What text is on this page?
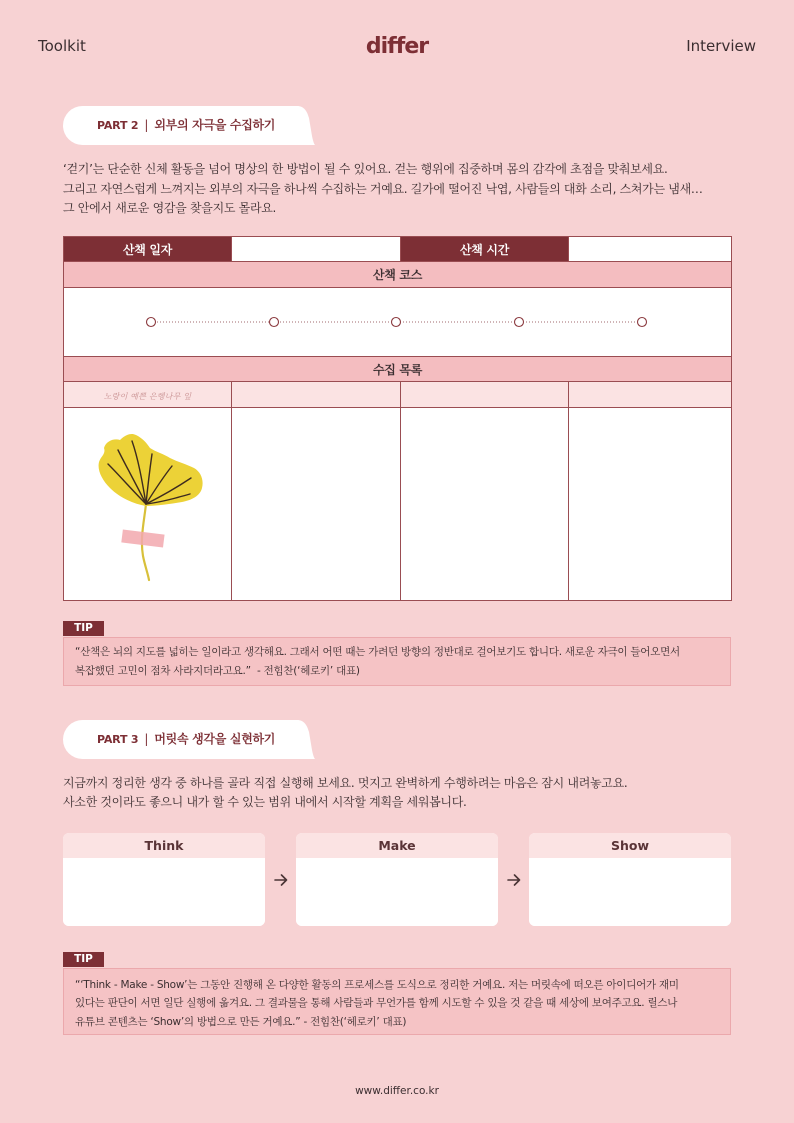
Toolkit	differ	Interview
PART 2 | 외부의 자극을 수집하기
‘걷기’는 단순한 신체 활동을 넘어 명상의 한 방법이 될 수 있어요. 걷는 행위에 집중하며 몸의 감각에 초점을 맞춰보세요.
그리고 자연스럽게 느껴지는 외부의 자극을 하나씩 수집하는 거예요. 길가에 떨어진 낙엽, 사람들의 대화 소리, 스쳐가는 냄새…
그 안에서 새로운 영감을 찾을지도 몰라요.
산책 일자		산책 시간	
산책 코스			

수집 목록			
노랑이 예쁜 은행나무 잎			

TIP
“산책은 뇌의 지도를 넓히는 일이라고 생각해요. 그래서 어떤 때는 가려던 방향의 정반대로 걸어보기도 합니다. 새로운 자극이 들어오면서
복잡했던 고민이 점차 사라지더라고요.”  - 전힘찬(‘헤로키’ 대표)
PART 3 | 머릿속 생각을 실현하기
지금까지 정리한 생각 중 하나를 골라 직접 실행해 보세요. 멋지고 완벽하게 수행하려는 마음은 잠시 내려놓고요.
사소한 것이라도 좋으니 내가 할 수 있는 범위 내에서 시작할 계획을 세워봅니다.
Think	Make	Show
TIP
“‘Think - Make - Show’는 그동안 진행해 온 다양한 활동의 프로세스를 도식으로 정리한 거예요. 저는 머릿속에 떠오른 아이디어가 재미
있다는 판단이 서면 일단 실행에 옮겨요. 그 결과물을 통해 사람들과 무언가를 함께 시도할 수 있을 것 같을 때 세상에 보여주고요. 릴스나
유튜브 콘텐츠는 ‘Show’의 방법으로 만든 거예요.” - 전힘찬(‘헤로키’ 대표)
www.differ.co.kr
